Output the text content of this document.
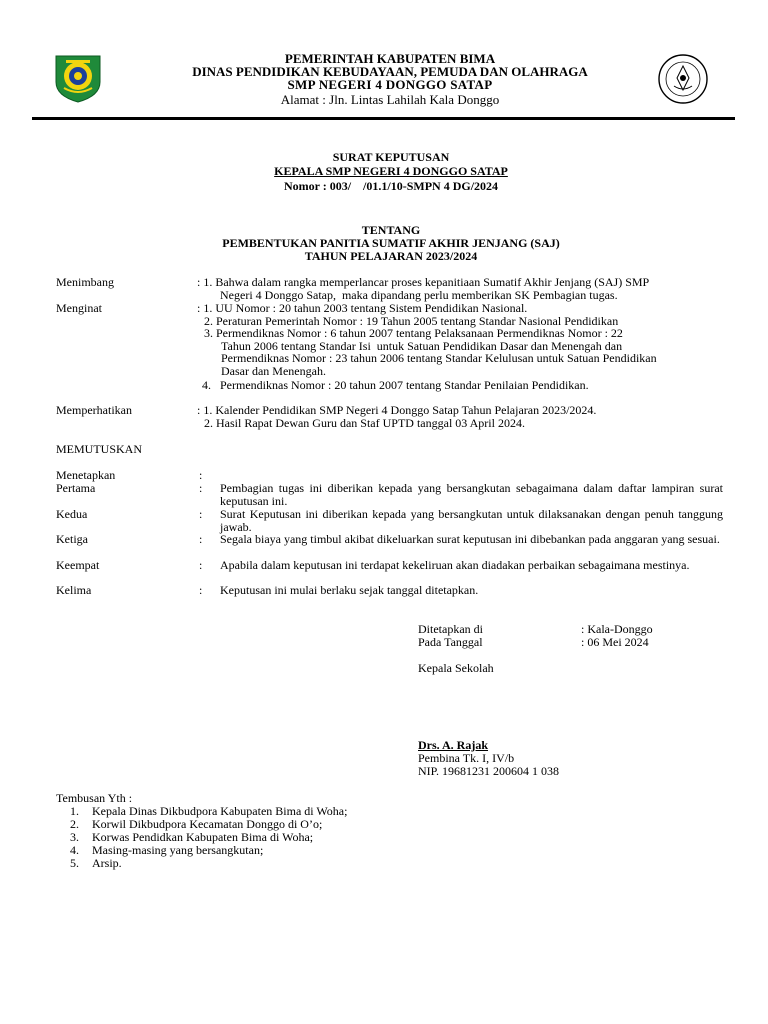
PEMERINTAH KABUPATEN BIMA
DINAS PENDIDIKAN KEBUDAYAAN, PEMUDA DAN OLAHRAGA
SMP NEGERI 4 DONGGO SATAP
Alamat : Jln. Lintas Lahilah Kala Donggo
SURAT KEPUTUSAN
KEPALA SMP NEGERI 4 DONGGO SATAP
Nomor : 003/    /01.1/10-SMPN 4 DG/2024
TENTANG
PEMBENTUKAN PANITIA SUMATIF AKHIR JENJANG (SAJ)
TAHUN PELAJARAN 2023/2024
Menimbang	: 1. Bahwa dalam rangka memperlancar proses kepanitiaan Sumatif Akhir Jenjang (SAJ) SMP
Negeri 4 Donggo Satap,  maka dipandang perlu memberikan SK Pembagian tugas.
Menginat	: 1. UU Nomor : 20 tahun 2003 tentang Sistem Pendidikan Nasional.
2. Peraturan Pemerintah Nomor : 19 Tahun 2005 tentang Standar Nasional Pendidikan
3. Permendiknas Nomor : 6 tahun 2007 tentang Pelaksanaan Permendiknas Nomor : 22
Tahun 2006 tentang Standar Isi  untuk Satuan Pendidikan Dasar dan Menengah dan
Permendiknas Nomor : 23 tahun 2006 tentang Standar Kelulusan untuk Satuan Pendidikan
Dasar dan Menengah.
4.   Permendiknas Nomor : 20 tahun 2007 tentang Standar Penilaian Pendidikan.
Memperhatikan	: 1. Kalender Pendidikan SMP Negeri 4 Donggo Satap Tahun Pelajaran 2023/2024.
2. Hasil Rapat Dewan Guru dan Staf UPTD tanggal 03 April 2024.
MEMUTUSKAN
Menetapkan	:
Pertama	: Pembagian tugas ini diberikan kepada yang bersangkutan sebagaimana dalam daftar lampiran surat keputusan ini.
Kedua	: Surat Keputusan ini diberikan kepada yang bersangkutan untuk dilaksanakan dengan penuh tanggung jawab.
Ketiga	: Segala biaya yang timbul akibat dikeluarkan surat keputusan ini dibebankan pada anggaran yang sesuai.
Keempat	: Apabila dalam keputusan ini terdapat kekeliruan akan diadakan perbaikan sebagaimana mestinya.
Kelima	: Keputusan ini mulai berlaku sejak tanggal ditetapkan.
Ditetapkan di	: Kala-Donggo
Pada Tanggal	: 06 Mei 2024
Kepala Sekolah
Drs. A. Rajak
Pembina Tk. I, IV/b
NIP. 19681231 200604 1 038
Tembusan Yth :
1. Kepala Dinas Dikbudpora Kabupaten Bima di Woha;
2. Korwil Dikbudpora Kecamatan Donggo di O’o;
3. Korwas Pendidkan Kabupaten Bima di Woha;
4. Masing-masing yang bersangkutan;
5. Arsip.
